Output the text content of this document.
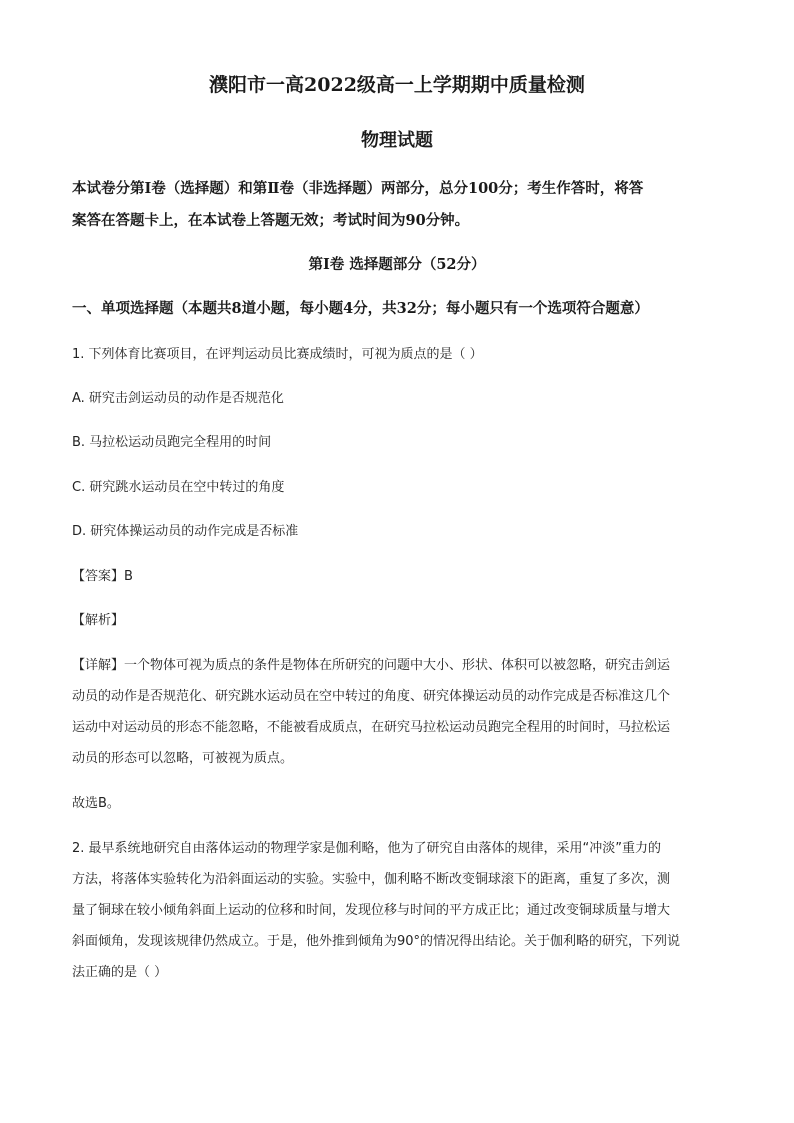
濮阳市一高2022级高一上学期期中质量检测
物理试题
本试卷分第Ⅰ卷（选择题）和第Ⅱ卷（非选择题）两部分，总分100分；考生作答时，将答
案答在答题卡上，在本试卷上答题无效；考试时间为90分钟。
第Ⅰ卷 选择题部分（52分）
一、单项选择题（本题共8道小题，每小题4分，共32分；每小题只有一个选项符合题意）
1. 下列体育比赛项目，在评判运动员比赛成绩时，可视为质点的是（ ）
A. 研究击剑运动员的动作是否规范化
B. 马拉松运动员跑完全程用的时间
C. 研究跳水运动员在空中转过的角度
D. 研究体操运动员的动作完成是否标准
【答案】B
【解析】
【详解】一个物体可视为质点的条件是物体在所研究的问题中大小、形状、体积可以被忽略，研究击剑运
动员的动作是否规范化、研究跳水运动员在空中转过的角度、研究体操运动员的动作完成是否标准这几个
运动中对运动员的形态不能忽略，不能被看成质点，在研究马拉松运动员跑完全程用的时间时，马拉松运
动员的形态可以忽略，可被视为质点。
故选B。
2. 最早系统地研究自由落体运动的物理学家是伽利略，他为了研究自由落体的规律，采用“冲淡”重力的
方法，将落体实验转化为沿斜面运动的实验。实验中，伽利略不断改变铜球滚下的距离，重复了多次，测
量了铜球在较小倾角斜面上运动的位移和时间，发现位移与时间的平方成正比；通过改变铜球质量与增大
斜面倾角，发现该规律仍然成立。于是，他外推到倾角为90°的情况得出结论。关于伽利略的研究，下列说
法正确的是（ ）
